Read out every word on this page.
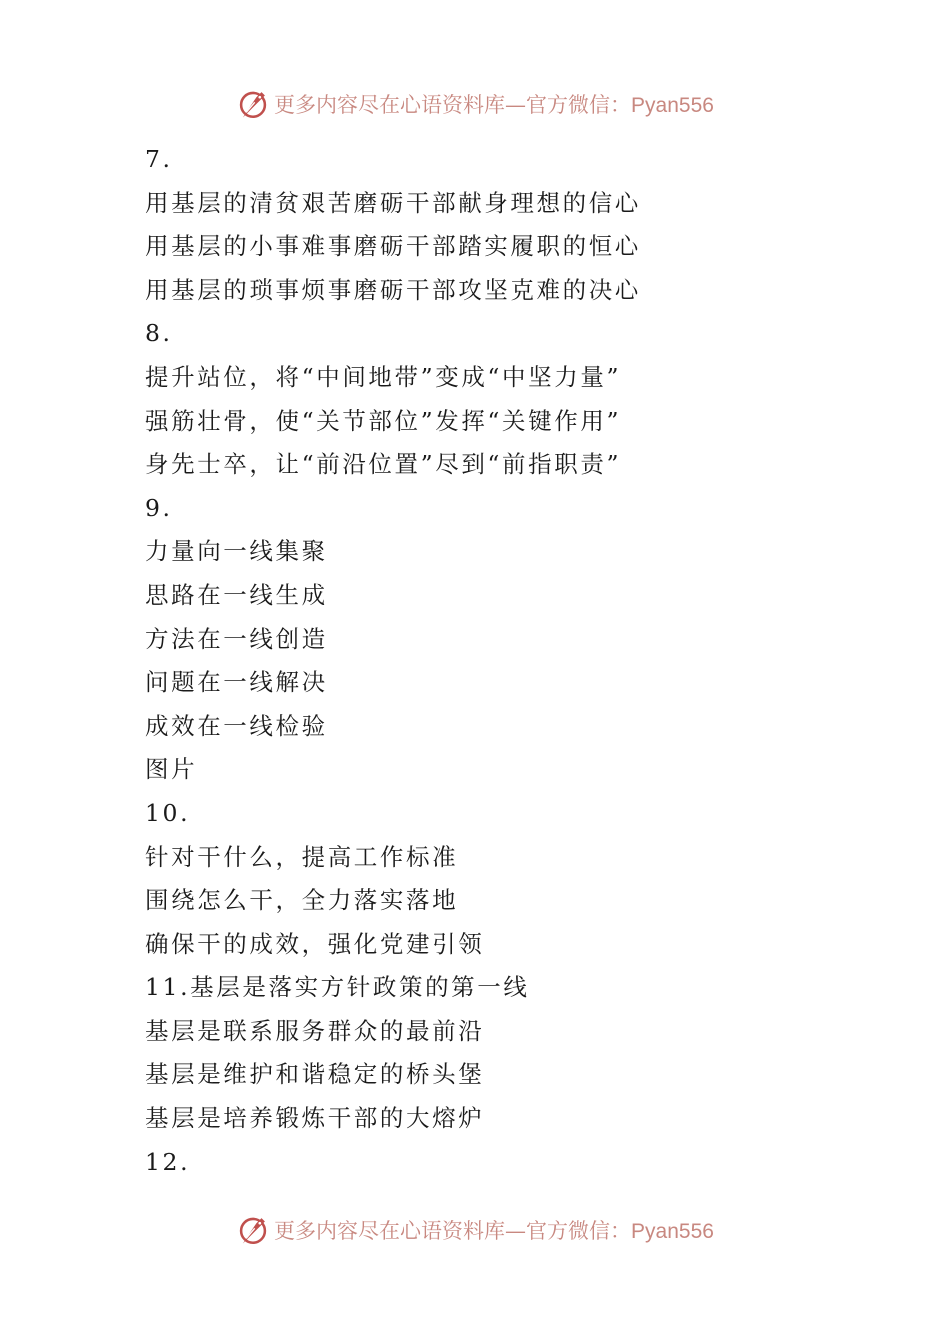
更多内容尽在心语资料库—官方微信：Pyan556
7.
用基层的清贫艰苦磨砺干部献身理想的信心
用基层的小事难事磨砺干部踏实履职的恒心
用基层的琐事烦事磨砺干部攻坚克难的决心
8.
提升站位，将“中间地带”变成“中坚力量”
强筋壮骨，使“关节部位”发挥“关键作用”
身先士卒，让“前沿位置”尽到“前指职责”
9.
力量向一线集聚
思路在一线生成
方法在一线创造
问题在一线解决
成效在一线检验
图片
10.
针对干什么，提高工作标准
围绕怎么干，全力落实落地
确保干的成效，强化党建引领
11.基层是落实方针政策的第一线
基层是联系服务群众的最前沿
基层是维护和谐稳定的桥头堡
基层是培养锻炼干部的大熔炉
12.
更多内容尽在心语资料库—官方微信：Pyan556
